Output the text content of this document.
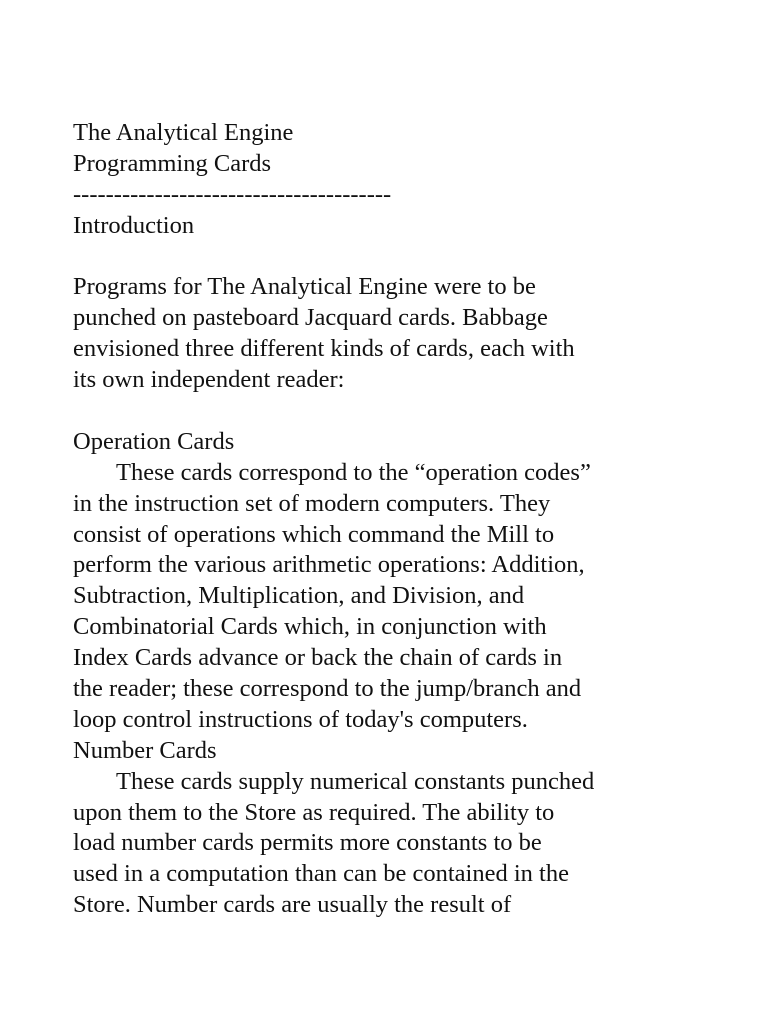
The Analytical Engine
Programming Cards
---------------------------------------
Introduction
Programs for The Analytical Engine were to be
punched on pasteboard Jacquard cards. Babbage
envisioned three different kinds of cards, each with
its own independent reader:
Operation Cards
These cards correspond to the “operation codes”
in the instruction set of modern computers. They
consist of operations which command the Mill to
perform the various arithmetic operations: Addition,
Subtraction, Multiplication, and Division, and
Combinatorial Cards which, in conjunction with
Index Cards advance or back the chain of cards in
the reader; these correspond to the jump/branch and
loop control instructions of today's computers.
Number Cards
These cards supply numerical constants punched
upon them to the Store as required. The ability to
load number cards permits more constants to be
used in a computation than can be contained in the
Store. Number cards are usually the result of
